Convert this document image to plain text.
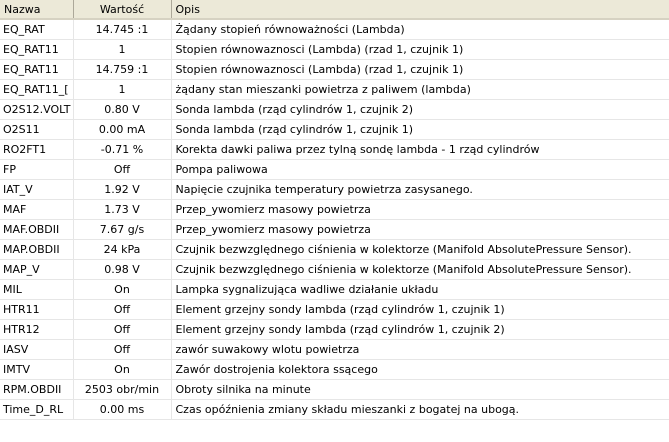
Nazwa	Wartość	Opis
EQ_RAT	14.745 :1	Żądany stopień równoważności (Lambda)
EQ_RAT11	1	Stopien równowaznosci (Lambda) (rzad 1, czujnik 1)
EQ_RAT11	14.759 :1	Stopien równowaznosci (Lambda) (rzad 1, czujnik 1)
EQ_RAT11_[	1	żądany stan mieszanki powietrza z paliwem (lambda)
O2S12.VOLT	0.80 V	Sonda lambda (rząd cylindrów 1, czujnik 2)
O2S11	0.00 mA	Sonda lambda (rząd cylindrów 1, czujnik 1)
RO2FT1	-0.71 %	Korekta dawki paliwa przez tylną sondę lambda - 1 rząd cylindrów
FP	Off	Pompa paliwowa
IAT_V	1.92 V	Napięcie czujnika temperatury powietrza zasysanego.
MAF	1.73 V	Przep_ywomierz masowy powietrza
MAF.OBDII	7.67 g/s	Przep_ywomierz masowy powietrza
MAP.OBDII	24 kPa	Czujnik bezwzględnego ciśnienia w kolektorze (Manifold AbsolutePressure Sensor).
MAP_V	0.98 V	Czujnik bezwzględnego ciśnienia w kolektorze (Manifold AbsolutePressure Sensor).
MIL	On	Lampka sygnalizująca wadliwe działanie układu
HTR11	Off	Element grzejny sondy lambda (rząd cylindrów 1, czujnik 1)
HTR12	Off	Element grzejny sondy lambda (rząd cylindrów 1, czujnik 2)
IASV	Off	zawór suwakowy wlotu powietrza
IMTV	On	Zawór dostrojenia kolektora ssącego
RPM.OBDII	2503 obr/min	Obroty silnika na minute
Time_D_RL	0.00 ms	Czas opóźnienia zmiany składu mieszanki z bogatej na ubogą.
